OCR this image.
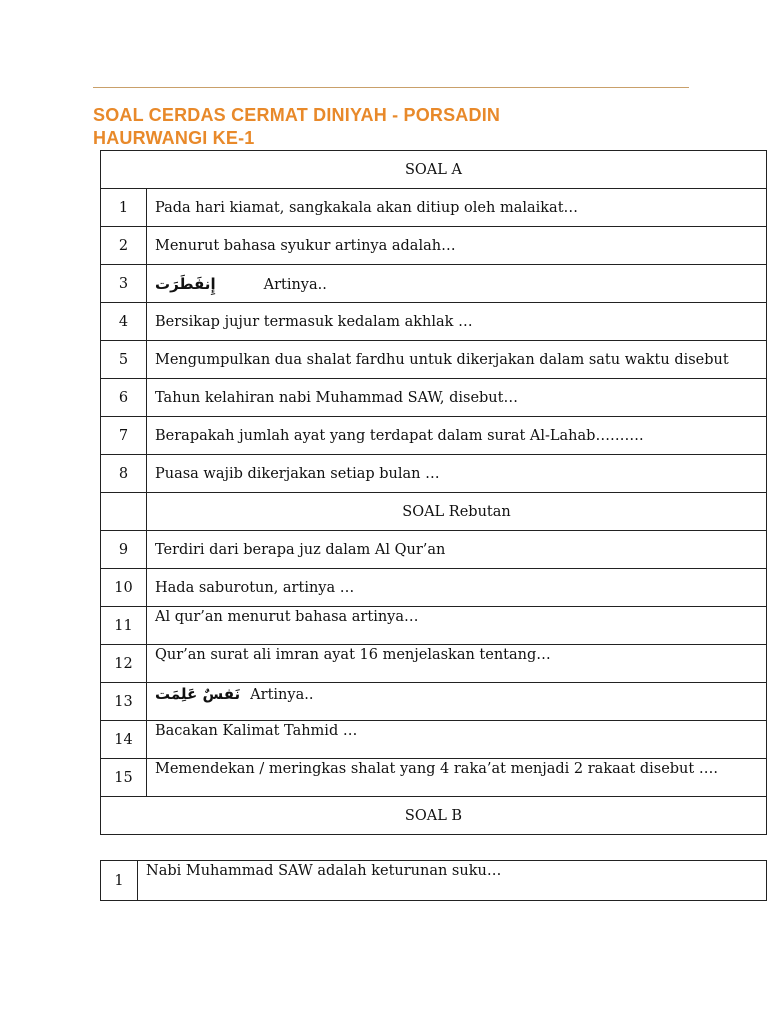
SOAL CERDAS CERMAT DINIYAH - PORSADIN
HAURWANGI KE-1
SOAL A	
1	Pada hari kiamat, sangkakala akan ditiup oleh malaikat…
2	Menurut bahasa syukur artinya adalah…
3	إِنفَطَرَت Artinya..
4	Bersikap jujur termasuk kedalam akhlak …
5	Mengumpulkan dua shalat fardhu untuk dikerjakan dalam satu waktu disebut
6	Tahun kelahiran nabi Muhammad SAW, disebut…
7	Berapakah jumlah ayat yang terdapat dalam surat Al-Lahab……….
8	Puasa wajib dikerjakan setiap bulan …
	SOAL Rebutan
9	Terdiri dari berapa juz dalam Al Qur’an
10	Hada saburotun, artinya …
11	Al qur’an menurut bahasa artinya…
12	Qur’an surat ali imran ayat 16 menjelaskan tentang…
13	نَفسٌ عَلِمَت Artinya..
14	Bacakan Kalimat Tahmid …
15	Memendekan / meringkas shalat yang 4 raka’at menjadi 2 rakaat disebut ….
SOAL B	
1	Nabi Muhammad SAW adalah keturunan suku…
